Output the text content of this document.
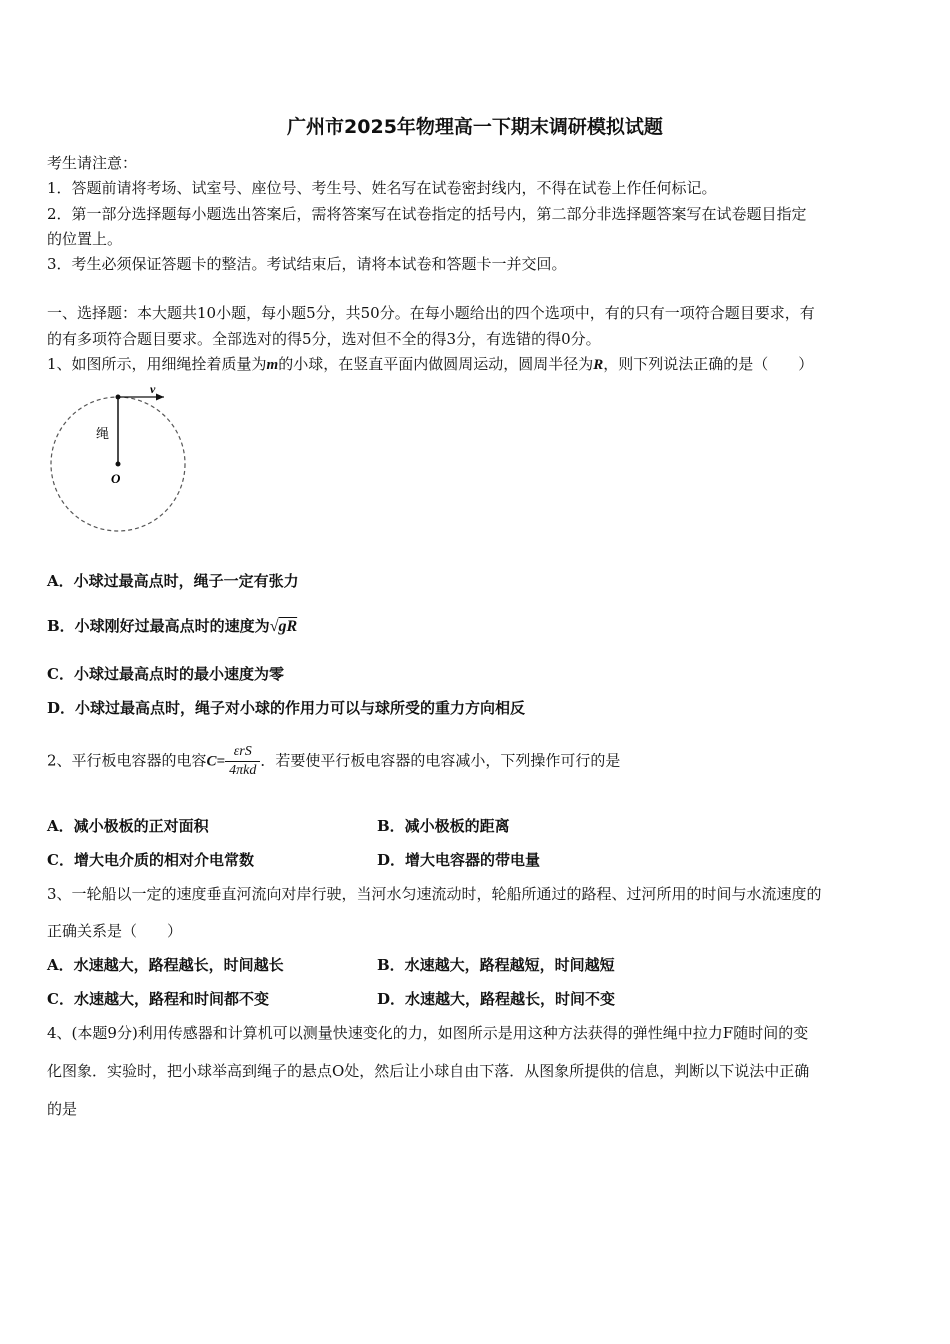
广州市2025年物理高一下期末调研模拟试题
考生请注意：
1．答题前请将考场、试室号、座位号、考生号、姓名写在试卷密封线内，不得在试卷上作任何标记。
2．第一部分选择题每小题选出答案后，需将答案写在试卷指定的括号内，第二部分非选择题答案写在试卷题目指定
的位置上。
3．考生必须保证答题卡的整洁。考试结束后，请将本试卷和答题卡一并交回。
一、选择题：本大题共10小题，每小题5分，共50分。在每小题给出的四个选项中，有的只有一项符合题目要求，有
的有多项符合题目要求。全部选对的得5分，选对但不全的得3分，有选错的得0分。
1、如图所示，用细绳拴着质量为m的小球，在竖直平面内做圆周运动，圆周半径为R，则下列说法正确的是（　　）
v
绳
O
A．小球过最高点时，绳子一定有张力
B．小球刚好过最高点时的速度为√gR
C．小球过最高点时的最小速度为零
D．小球过最高点时，绳子对小球的作用力可以与球所受的重力方向相反
2、平行板电容器的电容$C= \frac{\text{εrS}}{\text{4πkd}}$ ．若要使平行板电容器的电容减小，下列操作可行的是
A．减小极板的正对面积	B．减小极板的距离
C．增大电介质的相对介电常数	D．增大电容器的带电量
3、一轮船以一定的速度垂直河流向对岸行驶，当河水匀速流动时，轮船所通过的路程、过河所用的时间与水流速度的
正确关系是（　　）
A．水速越大，路程越长，时间越长	B．水速越大，路程越短，时间越短
C．水速越大，路程和时间都不变	D．水速越大，路程越长，时间不变
4、(本题9分)利用传感器和计算机可以测量快速变化的力，如图所示是用这种方法获得的弹性绳中拉力F随时间的变
化图象．实验时，把小球举高到绳子的悬点O处，然后让小球自由下落．从图象所提供的信息，判断以下说法中正确
的是
